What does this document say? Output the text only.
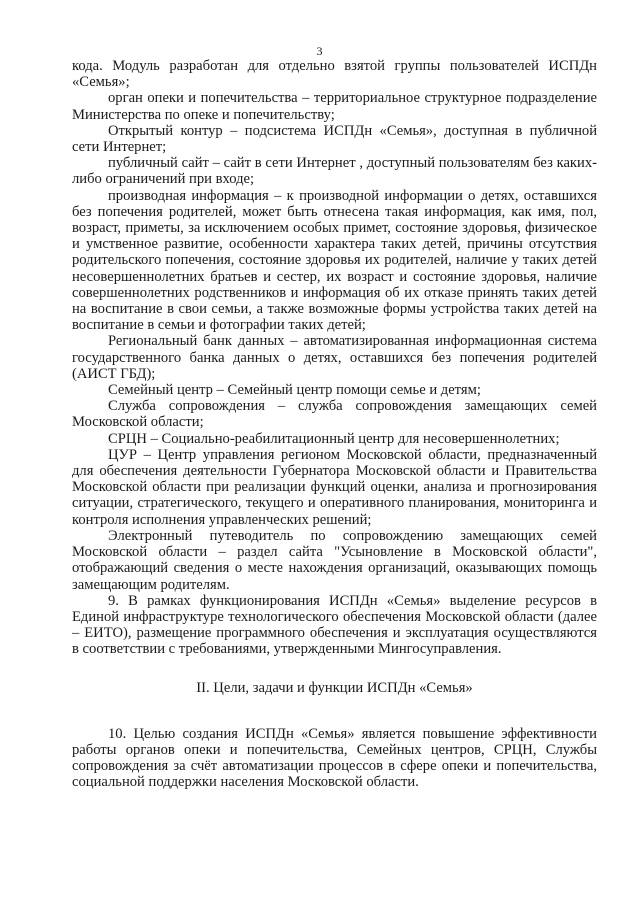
3

кода. Модуль разработан для отдельно взятой группы пользователей ИСПДн «Семья»;

орган опеки и попечительства – территориальное структурное подразделение Министерства по опеке и попечительству;

Открытый контур – подсистема ИСПДн «Семья», доступная в публичной сети Интернет;

публичный сайт – сайт в сети Интернет , доступный пользователям без каких-либо ограничений при входе;

производная информация – к производной информации о детях, оставшихся без попечения родителей, может быть отнесена такая информация, как имя, пол, возраст, приметы, за исключением особых примет, состояние здоровья, физическое и умственное развитие, особенности характера таких детей, причины отсутствия родительского попечения, состояние здоровья их родителей, наличие у таких детей несовершеннолетних братьев и сестер, их возраст и состояние здоровья, наличие совершеннолетних родственников и информация об их отказе принять таких детей на воспитание в свои семьи, а также возможные формы устройства таких детей на воспитание в семьи и фотографии таких детей;

Региональный банк данных – автоматизированная информационная система государственного банка данных о детях, оставшихся без попечения родителей (АИСТ ГБД);

Семейный центр – Семейный центр помощи семье и детям;

Служба сопровождения – служба сопровождения замещающих семей Московской области;

СРЦН – Социально-реабилитационный центр для несовершеннолетних;

ЦУР – Центр управления регионом Московской области, предназначенный для обеспечения деятельности Губернатора Московской области и Правительства Московской области при реализации функций оценки, анализа и прогнозирования ситуации, стратегического, текущего и оперативного планирования, мониторинга и контроля исполнения управленческих решений;

Электронный путеводитель по сопровождению замещающих семей Московской области – раздел сайта "Усыновление в Московской области", отображающий сведения о месте нахождения организаций, оказывающих помощь замещающим родителям.

9. В рамках функционирования ИСПДн «Семья» выделение ресурсов в Единой инфраструктуре технологического обеспечения Московской области (далее – ЕИТО), размещение программного обеспечения и эксплуатация осуществляются в соответствии с требованиями, утвержденными Мингосуправления.

II. Цели, задачи и функции ИСПДн «Семья»

10. Целью создания ИСПДн «Семья» является повышение эффективности работы органов опеки и попечительства, Семейных центров, СРЦН, Службы сопровождения за счёт автоматизации процессов в сфере опеки и попечительства, социальной поддержки населения Московской области.
